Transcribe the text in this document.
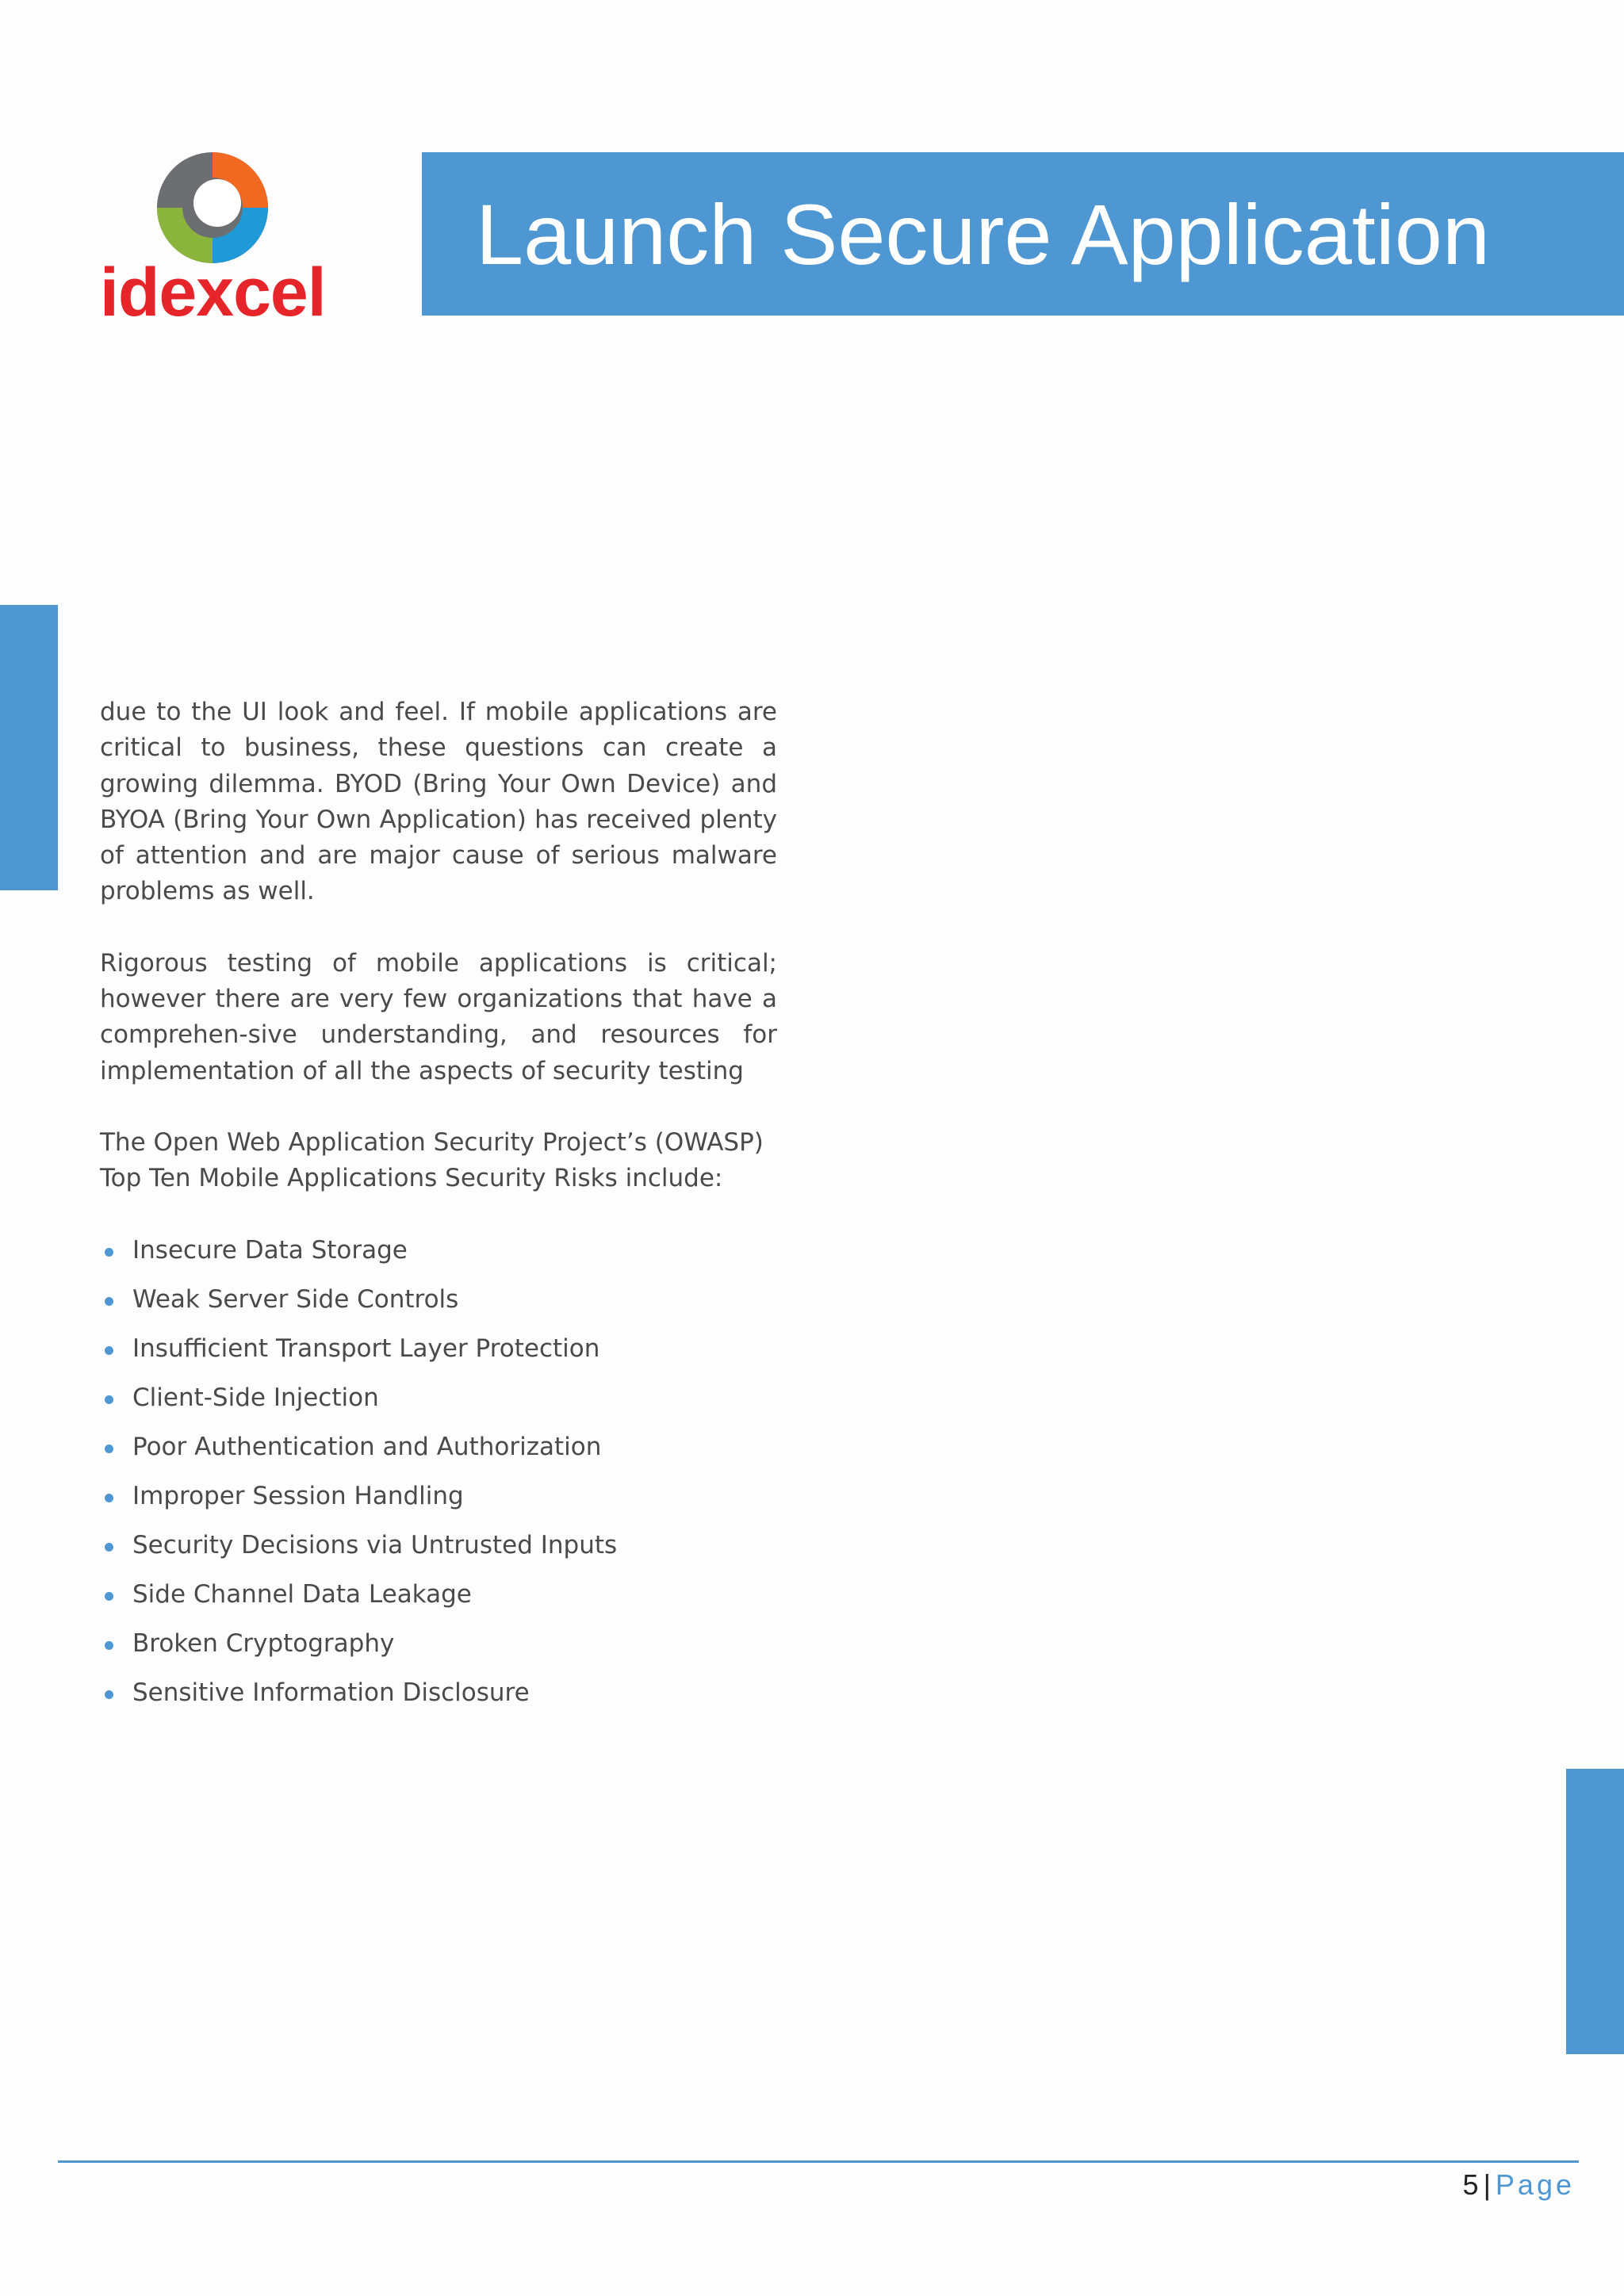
idexcel
Launch Secure Application

due to the UI look and feel. If mobile applications are critical to business, these questions can create a growing dilemma. BYOD (Bring Your Own Device) and BYOA (Bring Your Own Application) has received plenty of attention and are major cause of serious malware problems as well.

Rigorous testing of mobile applications is critical; however there are very few organizations that have a comprehen-sive understanding, and resources for implementation of all the aspects of security testing

The Open Web Application Security Project’s (OWASP) Top Ten Mobile Applications Security Risks include:

Insecure Data Storage
Weak Server Side Controls
Insufficient Transport Layer Protection
Client-Side Injection
Poor Authentication and Authorization
Improper Session Handling
Security Decisions via Untrusted Inputs
Side Channel Data Leakage
Broken Cryptography
Sensitive Information Disclosure
5 | Page
